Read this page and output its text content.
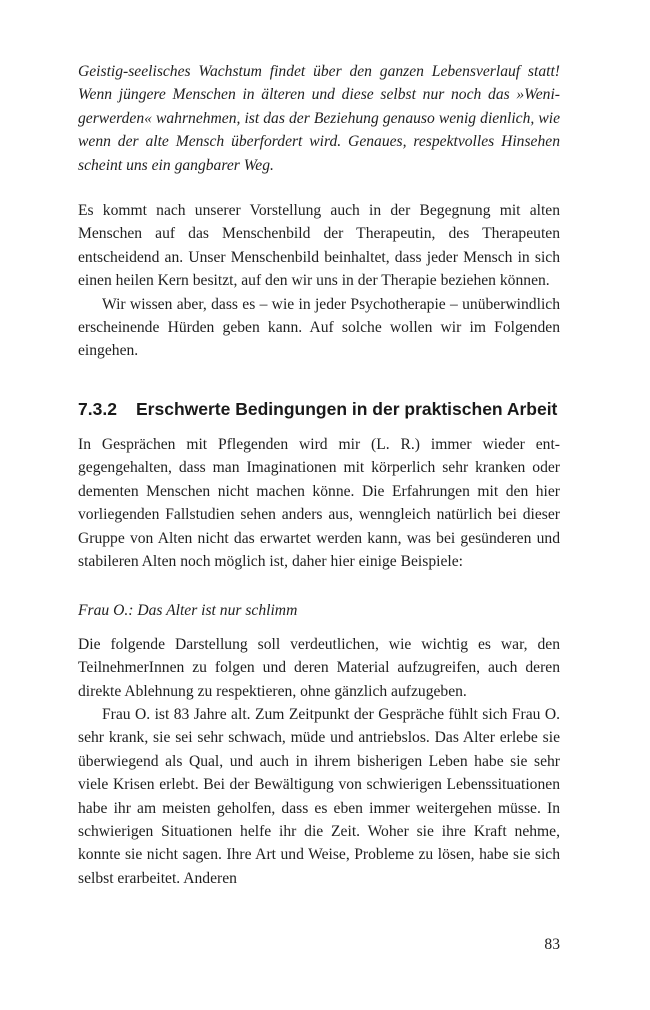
Geistig-seelisches Wachstum findet über den ganzen Lebensverlauf statt! Wenn jüngere Menschen in älteren und diese selbst nur noch das »Wenigerwerden« wahrnehmen, ist das der Beziehung genauso wenig dienlich, wie wenn der alte Mensch überfordert wird. Genaues, respektvolles Hinsehen scheint uns ein gangbarer Weg.

Es kommt nach unserer Vorstellung auch in der Begegnung mit alten Menschen auf das Menschenbild der Therapeutin, des Therapeuten entscheidend an. Unser Menschenbild beinhaltet, dass jeder Mensch in sich einen heilen Kern besitzt, auf den wir uns in der Therapie beziehen können.

Wir wissen aber, dass es – wie in jeder Psychotherapie – unüberwindlich erscheinende Hürden geben kann. Auf solche wollen wir im Folgenden eingehen.

7.3.2 Erschwerte Bedingungen in der praktischen Arbeit

In Gesprächen mit Pflegenden wird mir (L. R.) immer wieder entgegengehalten, dass man Imaginationen mit körperlich sehr kranken oder dementen Menschen nicht machen könne. Die Erfahrungen mit den hier vorliegenden Fallstudien sehen anders aus, wenngleich natürlich bei dieser Gruppe von Alten nicht das erwartet werden kann, was bei gesünderen und stabileren Alten noch möglich ist, daher hier einige Beispiele:

Frau O.: Das Alter ist nur schlimm

Die folgende Darstellung soll verdeutlichen, wie wichtig es war, den TeilnehmerInnen zu folgen und deren Material aufzugreifen, auch deren direkte Ablehnung zu respektieren, ohne gänzlich aufzugeben.

Frau O. ist 83 Jahre alt. Zum Zeitpunkt der Gespräche fühlt sich Frau O. sehr krank, sie sei sehr schwach, müde und antriebslos. Das Alter erlebe sie überwiegend als Qual, und auch in ihrem bisherigen Leben habe sie sehr viele Krisen erlebt. Bei der Bewältigung von schwierigen Lebenssituationen habe ihr am meisten geholfen, dass es eben immer weitergehen müsse. In schwierigen Situationen helfe ihr die Zeit. Woher sie ihre Kraft nehme, konnte sie nicht sagen. Ihre Art und Weise, Probleme zu lösen, habe sie sich selbst erarbeitet. Anderen

83
